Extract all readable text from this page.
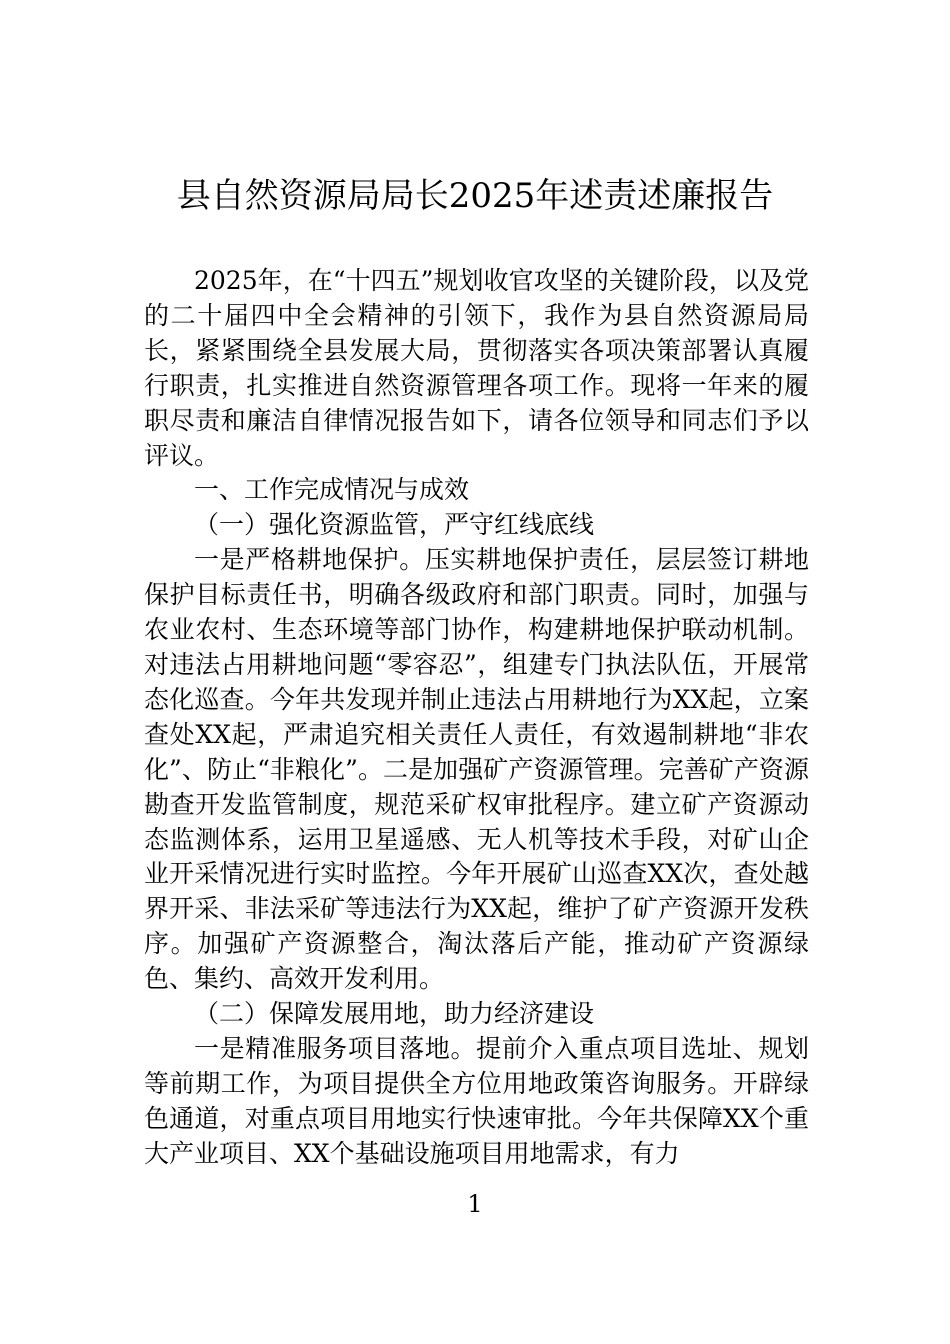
县自然资源局局长2025年述责述廉报告

2025年，在“十四五”规划收官攻坚的关键阶段，以及党的二十届四中全会精神的引领下，我作为县自然资源局局长，紧紧围绕全县发展大局，贯彻落实各项决策部署认真履行职责，扎实推进自然资源管理各项工作。现将一年来的履职尽责和廉洁自律情况报告如下，请各位领导和同志们予以评议。

一、工作完成情况与成效

（一）强化资源监管，严守红线底线

一是严格耕地保护。压实耕地保护责任，层层签订耕地保护目标责任书，明确各级政府和部门职责。同时，加强与农业农村、生态环境等部门协作，构建耕地保护联动机制。对违法占用耕地问题“零容忍”，组建专门执法队伍，开展常态化巡查。今年共发现并制止违法占用耕地行为XX起，立案查处XX起，严肃追究相关责任人责任，有效遏制耕地“非农化”、防止“非粮化”。二是加强矿产资源管理。完善矿产资源勘查开发监管制度，规范采矿权审批程序。建立矿产资源动态监测体系，运用卫星遥感、无人机等技术手段，对矿山企业开采情况进行实时监控。今年开展矿山巡查XX次，查处越界开采、非法采矿等违法行为XX起，维护了矿产资源开发秩序。加强矿产资源整合，淘汰落后产能，推动矿产资源绿色、集约、高效开发利用。

（二）保障发展用地，助力经济建设

一是精准服务项目落地。提前介入重点项目选址、规划等前期工作，为项目提供全方位用地政策咨询服务。开辟绿色通道，对重点项目用地实行快速审批。今年共保障XX个重大产业项目、XX个基础设施项目用地需求，有力

1
